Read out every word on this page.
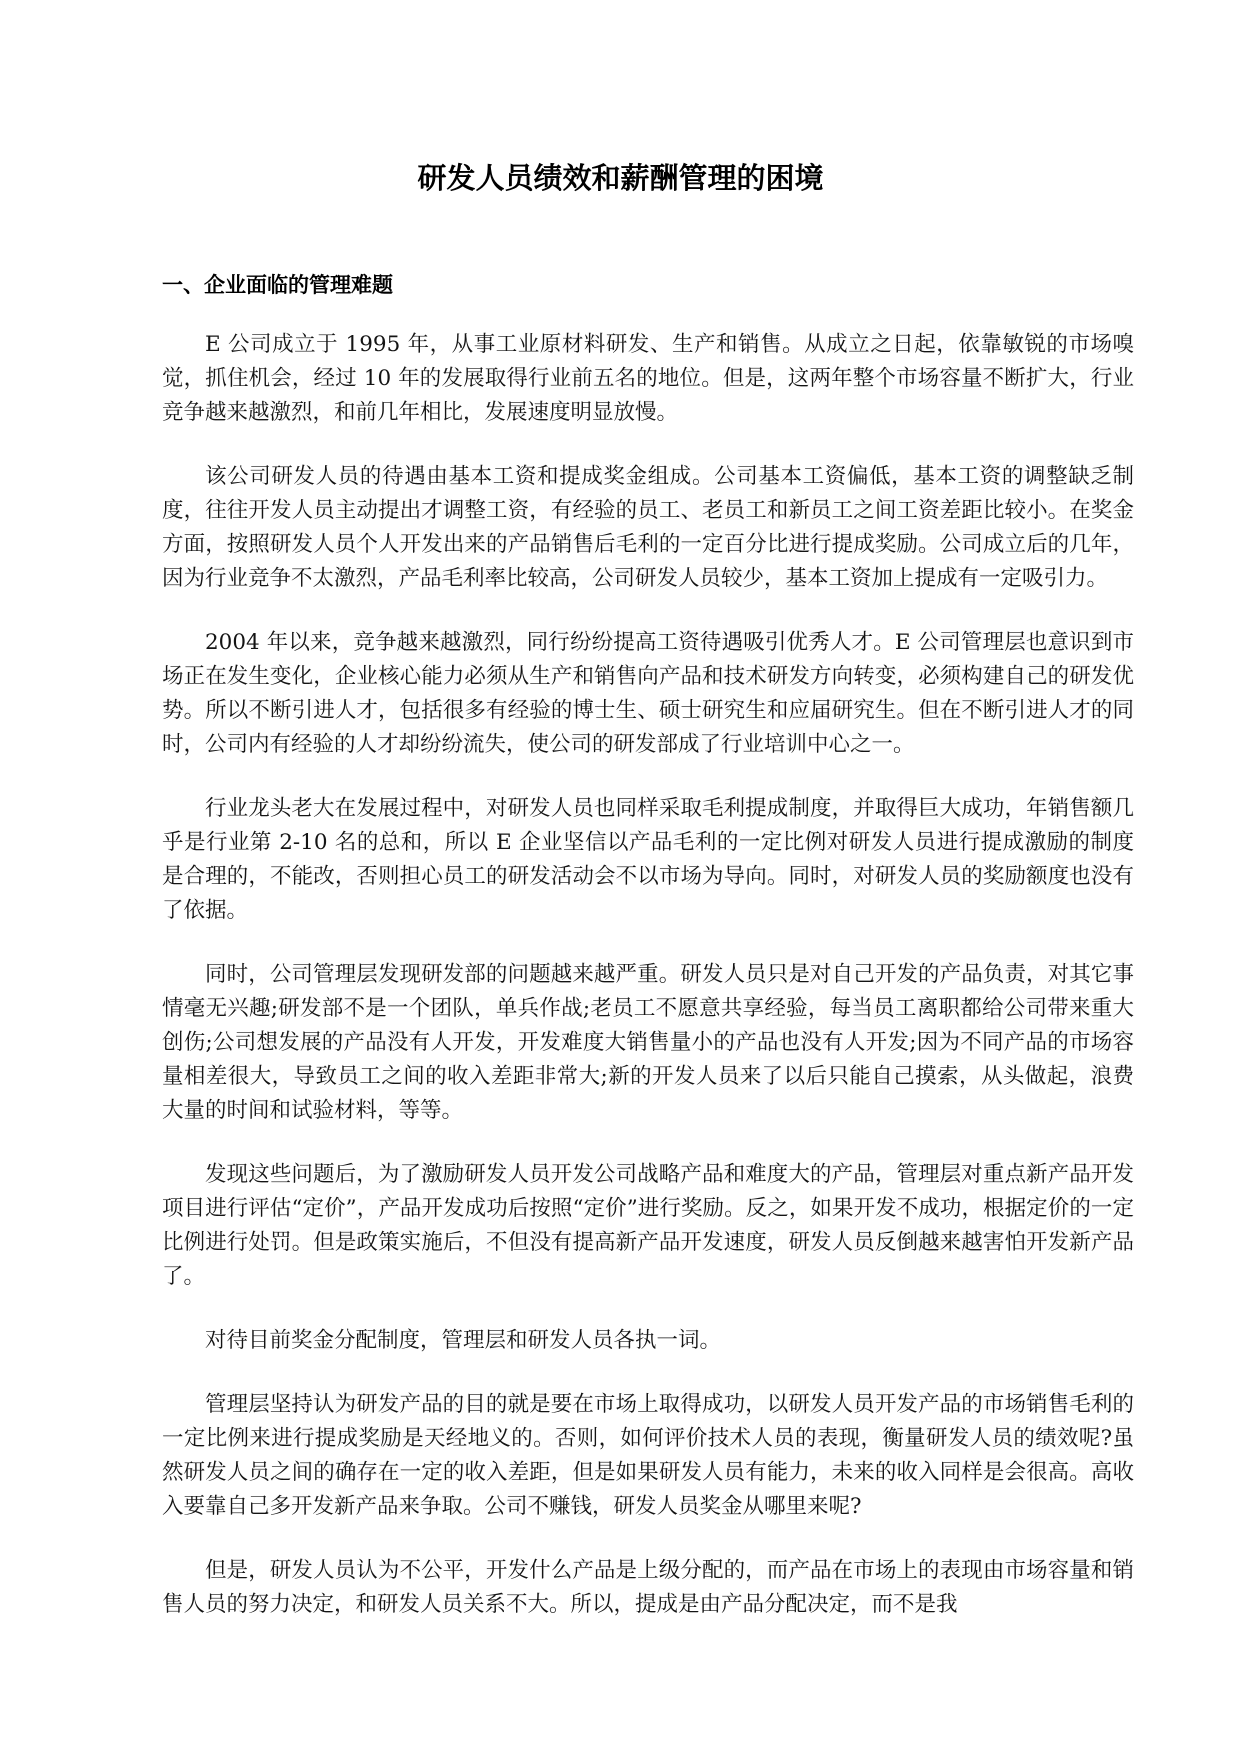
研发人员绩效和薪酬管理的困境
一、企业面临的管理难题

E 公司成立于 1995 年，从事工业原材料研发、生产和销售。从成立之日起，依靠敏锐的市场嗅觉，抓住机会，经过 10 年的发展取得行业前五名的地位。但是，这两年整个市场容量不断扩大，行业竞争越来越激烈，和前几年相比，发展速度明显放慢。

该公司研发人员的待遇由基本工资和提成奖金组成。公司基本工资偏低，基本工资的调整缺乏制度，往往开发人员主动提出才调整工资，有经验的员工、老员工和新员工之间工资差距比较小。在奖金方面，按照研发人员个人开发出来的产品销售后毛利的一定百分比进行提成奖励。公司成立后的几年，因为行业竞争不太激烈，产品毛利率比较高，公司研发人员较少，基本工资加上提成有一定吸引力。

2004 年以来，竞争越来越激烈，同行纷纷提高工资待遇吸引优秀人才。E 公司管理层也意识到市场正在发生变化，企业核心能力必须从生产和销售向产品和技术研发方向转变，必须构建自己的研发优势。所以不断引进人才，包括很多有经验的博士生、硕士研究生和应届研究生。但在不断引进人才的同时，公司内有经验的人才却纷纷流失，使公司的研发部成了行业培训中心之一。

行业龙头老大在发展过程中，对研发人员也同样采取毛利提成制度，并取得巨大成功，年销售额几乎是行业第 2-10 名的总和，所以 E 企业坚信以产品毛利的一定比例对研发人员进行提成激励的制度是合理的，不能改，否则担心员工的研发活动会不以市场为导向。同时，对研发人员的奖励额度也没有了依据。

同时，公司管理层发现研发部的问题越来越严重。研发人员只是对自己开发的产品负责，对其它事情毫无兴趣;研发部不是一个团队，单兵作战;老员工不愿意共享经验，每当员工离职都给公司带来重大创伤;公司想发展的产品没有人开发，开发难度大销售量小的产品也没有人开发;因为不同产品的市场容量相差很大，导致员工之间的收入差距非常大;新的开发人员来了以后只能自己摸索，从头做起，浪费大量的时间和试验材料，等等。

发现这些问题后，为了激励研发人员开发公司战略产品和难度大的产品，管理层对重点新产品开发项目进行评估“定价”，产品开发成功后按照“定价”进行奖励。反之，如果开发不成功，根据定价的一定比例进行处罚。但是政策实施后，不但没有提高新产品开发速度，研发人员反倒越来越害怕开发新产品了。

对待目前奖金分配制度，管理层和研发人员各执一词。

管理层坚持认为研发产品的目的就是要在市场上取得成功，以研发人员开发产品的市场销售毛利的一定比例来进行提成奖励是天经地义的。否则，如何评价技术人员的表现，衡量研发人员的绩效呢?虽然研发人员之间的确存在一定的收入差距，但是如果研发人员有能力，未来的收入同样是会很高。高收入要靠自己多开发新产品来争取。公司不赚钱，研发人员奖金从哪里来呢?

但是，研发人员认为不公平，开发什么产品是上级分配的，而产品在市场上的表现由市场容量和销售人员的努力决定，和研发人员关系不大。所以，提成是由产品分配决定，而不是我
